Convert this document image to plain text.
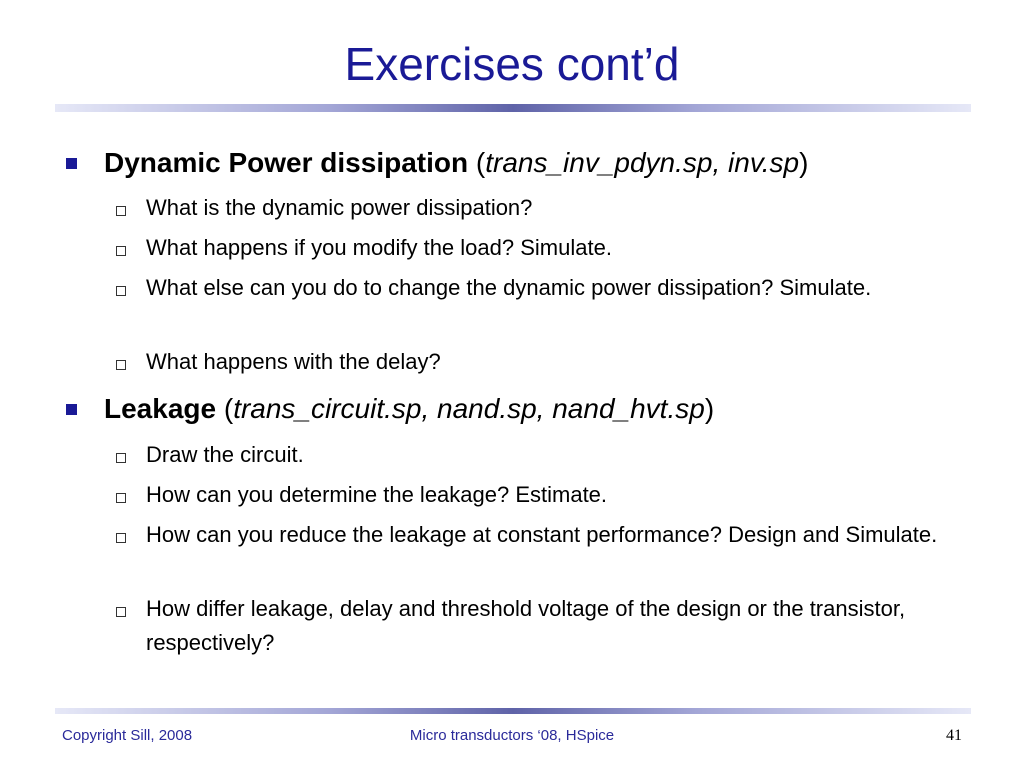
Exercises cont’d
Dynamic Power dissipation (trans_inv_pdyn.sp, inv.sp)
What is the dynamic power dissipation?
What happens if you modify the load? Simulate.
What else can you do to change the dynamic power dissipation? Simulate.
What happens with the delay?
Leakage (trans_circuit.sp, nand.sp, nand_hvt.sp)
Draw the circuit.
How can you determine the leakage? Estimate.
How can you reduce the leakage at constant performance? Design and Simulate.
How differ leakage, delay and threshold voltage of the design or the transistor, respectively?
Copyright Sill, 2008	Micro transductors ‘08, HSpice	41
